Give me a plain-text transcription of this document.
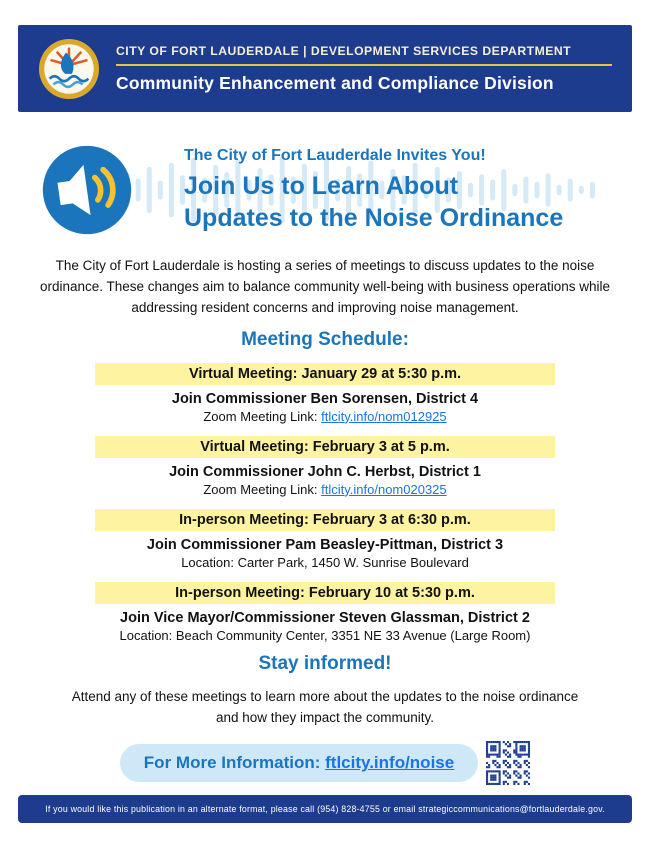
CITY OF FORT LAUDERDALE | DEVELOPMENT SERVICES DEPARTMENT
Community Enhancement and Compliance Division
The City of Fort Lauderdale Invites You!
Join Us to Learn About
Updates to the Noise Ordinance

The City of Fort Lauderdale is hosting a series of meetings to discuss updates to the noise ordinance. These changes aim to balance community well-being with business operations while addressing resident concerns and improving noise management.

Meeting Schedule:
Virtual Meeting: January 29 at 5:30 p.m.
Join Commissioner Ben Sorensen, District 4
Zoom Meeting Link: ftlcity.info/nom012925
Virtual Meeting: February 3 at 5 p.m.
Join Commissioner John C. Herbst, District 1
Zoom Meeting Link: ftlcity.info/nom020325
In-person Meeting: February 3 at 6:30 p.m.
Join Commissioner Pam Beasley-Pittman, District 3
Location: Carter Park, 1450 W. Sunrise Boulevard
In-person Meeting: February 10 at 5:30 p.m.
Join Vice Mayor/Commissioner Steven Glassman, District 2
Location: Beach Community Center, 3351 NE 33 Avenue (Large Room)
Stay informed!

Attend any of these meetings to learn more about the updates to the noise ordinance and how they impact the community.

For More Information: ftlcity.info/noise
If you would like this publication in an alternate format, please call (954) 828-4755 or email strategiccommunications@fortlauderdale.gov.
